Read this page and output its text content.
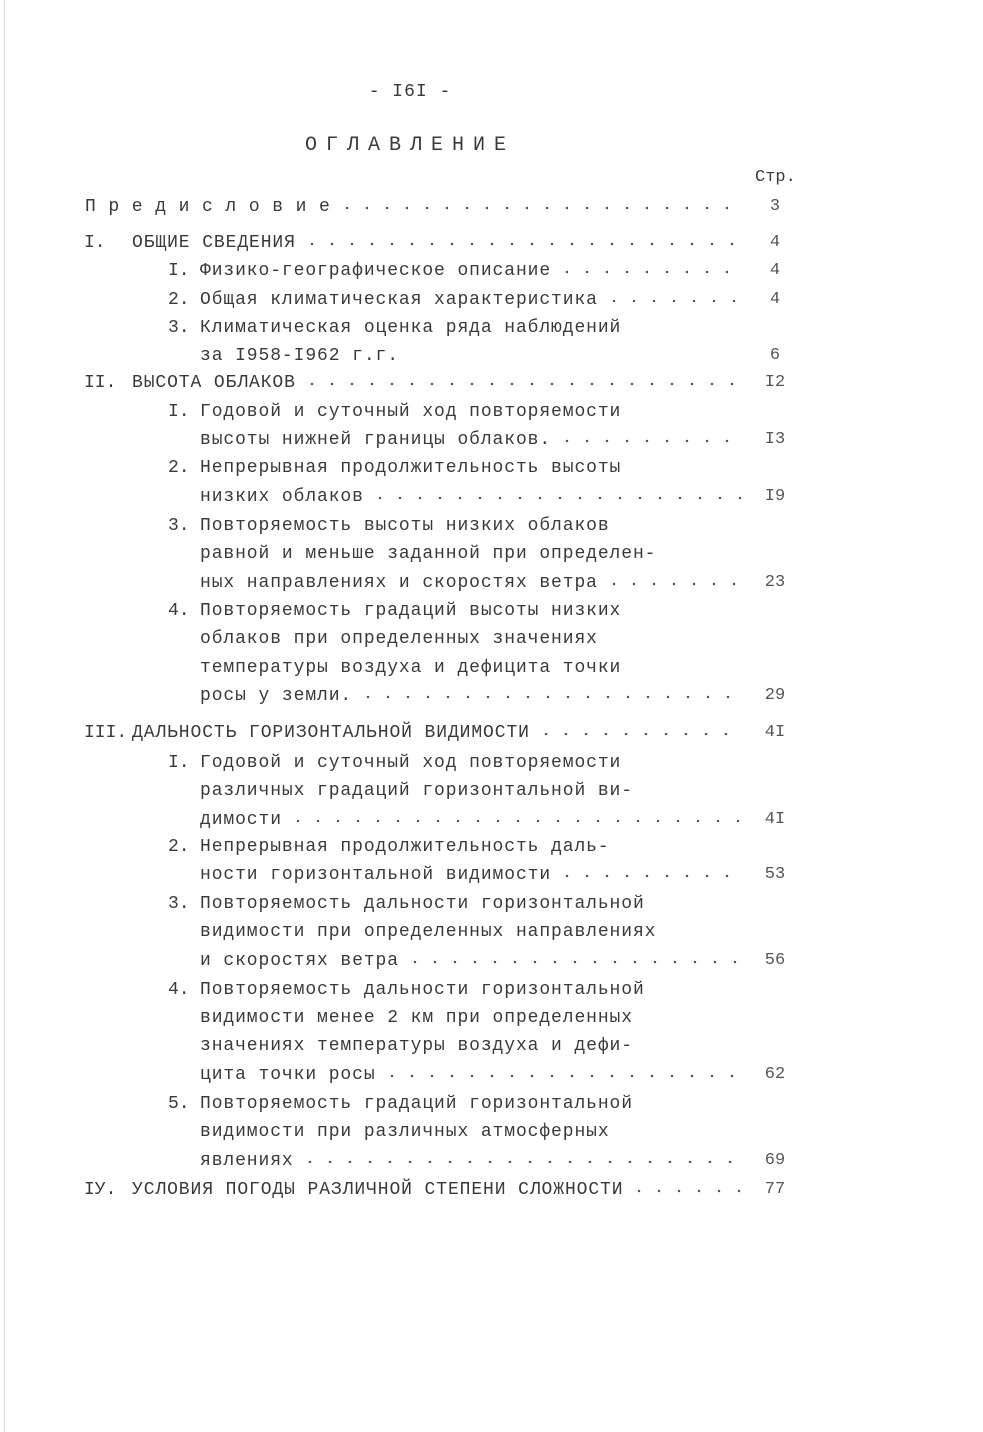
- I6I -
ОГЛАВЛЕНИЕ
Стр.
П р е д и с л о в и е	3
I. ОБЩИЕ СВЕДЕНИЯ	4
I. Физико-географическое описание	4
2. Общая климатическая характеристика	4
3. Климатическая оценка ряда наблюдений
за I958-I962 г.г.	6
II. ВЫСОТА ОБЛАКОВ	I2
I. Годовой и суточный ход повторяемости
высоты нижней границы облаков.	I3
2. Непрерывная продолжительность высоты
низких облаков	I9
3. Повторяемость высоты низких облаков
равной и меньше заданной при определен-
ных направлениях и скоростях ветра	23
4. Повторяемость градаций высоты низких
облаков при определенных значениях
температуры воздуха и дефицита точки
росы у земли.	29
III. ДАЛЬНОСТЬ ГОРИЗОНТАЛЬНОЙ ВИДИМОСТИ	4I
I. Годовой и суточный ход повторяемости
различных градаций горизонтальной ви-
димости	4I
2. Непрерывная продолжительность даль-
ности горизонтальной видимости	53
3. Повторяемость дальности горизонтальной
видимости при определенных направлениях
и скоростях ветра	56
4. Повторяемость дальности горизонтальной
видимости менее 2 км при определенных
значениях температуры воздуха и дефи-
цита точки росы	62
5. Повторяемость градаций горизонтальной
видимости при различных атмосферных
явлениях	69
IУ. УСЛОВИЯ ПОГОДЫ РАЗЛИЧНОЙ СТЕПЕНИ СЛОЖНОСТИ	77
